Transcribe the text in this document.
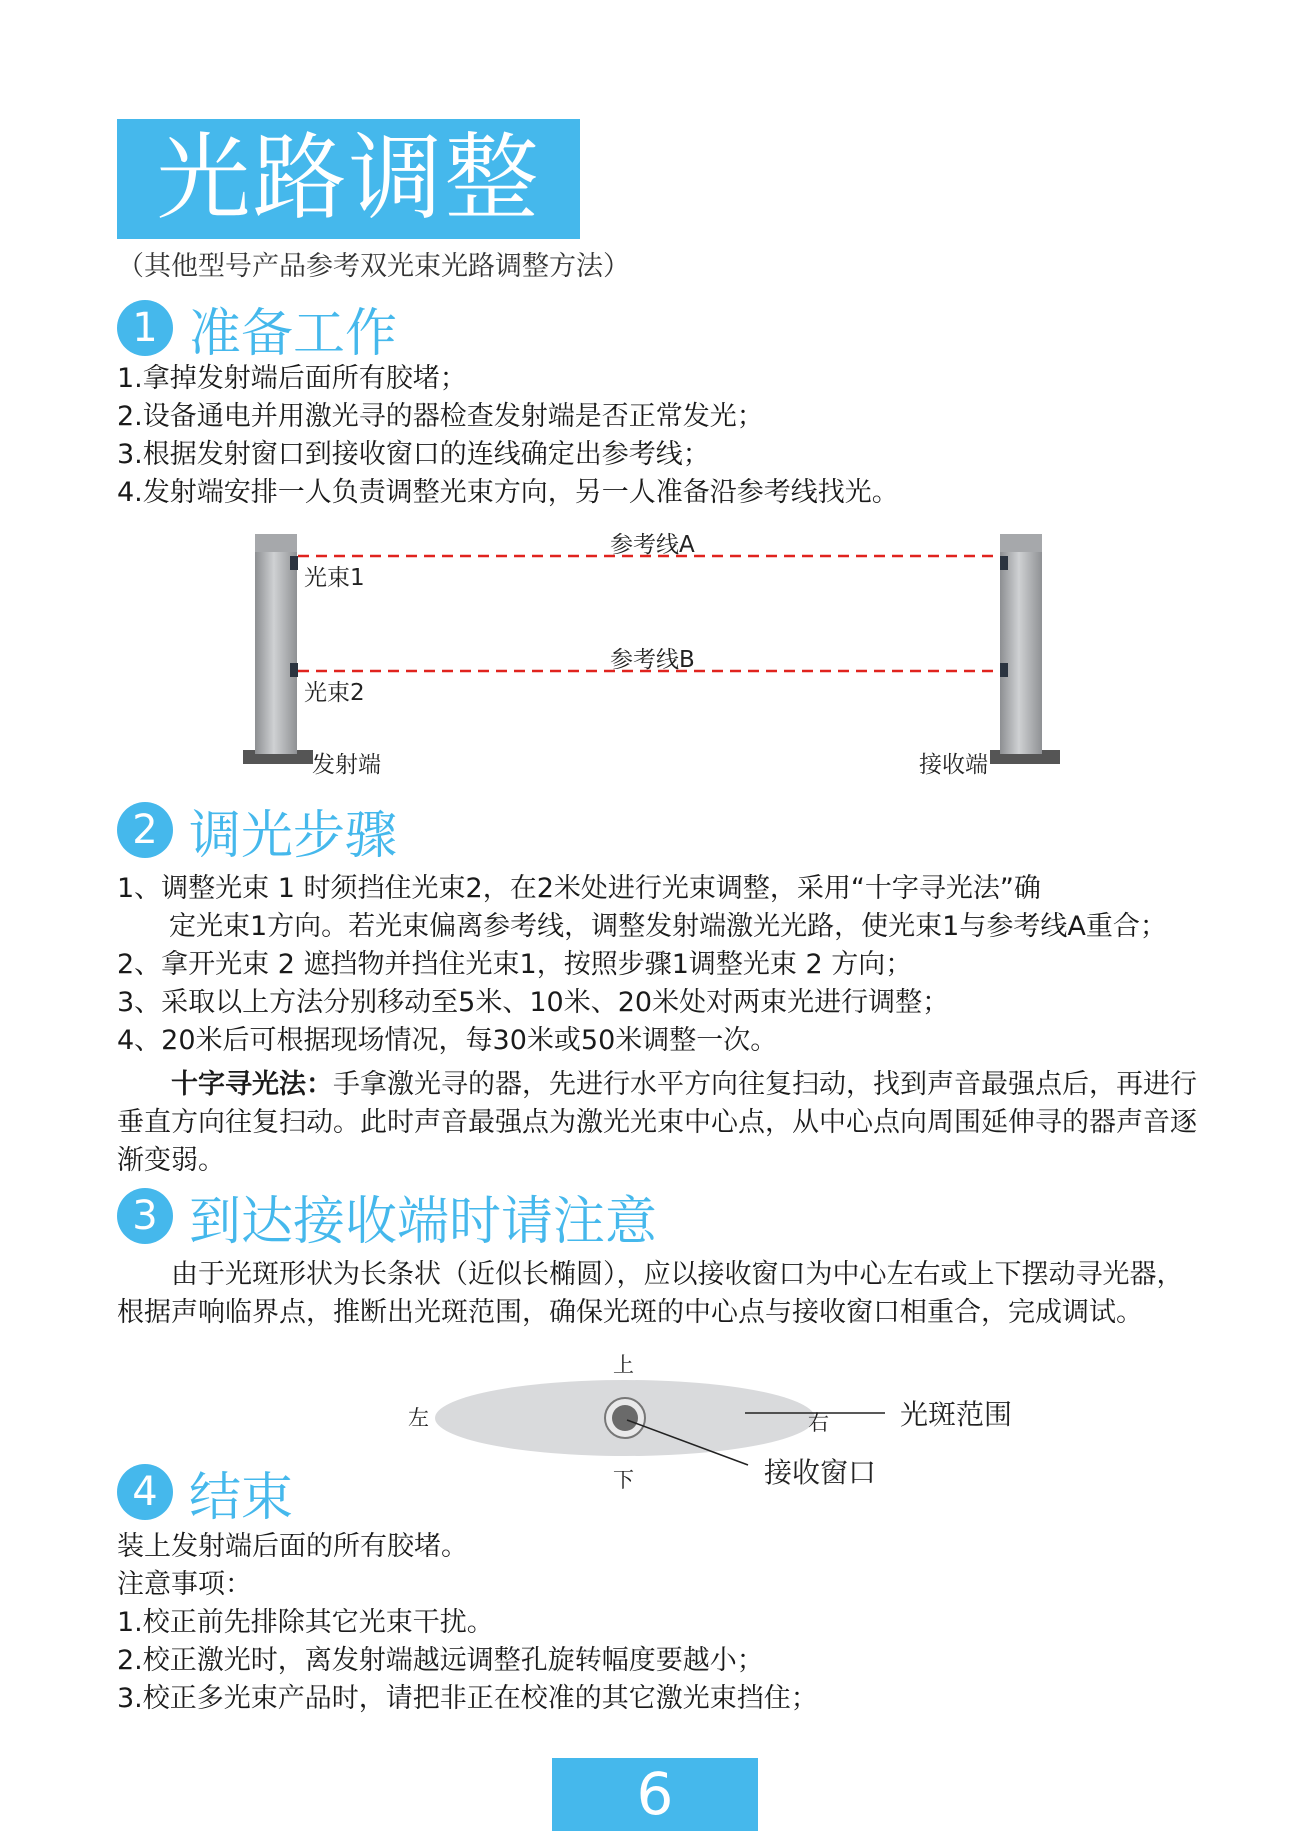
光路调整
（其他型号产品参考双光束光路调整方法）
1 准备工作
1.拿掉发射端后面所有胶堵；
2.设备通电并用激光寻的器检查发射端是否正常发光；
3.根据发射窗口到接收窗口的连线确定出参考线；
4.发射端安排一人负责调整光束方向，另一人准备沿参考线找光。
参考线A
参考线B
光束1
光束2
发射端	接收端
2 调光步骤
1、调整光束 1 时须挡住光束2，在2米处进行光束调整，采用“十字寻光法”确
定光束1方向。若光束偏离参考线，调整发射端激光光路，使光束1与参考线A重合；
2、拿开光束 2 遮挡物并挡住光束1，按照步骤1调整光束 2 方向；
3、采取以上方法分别移动至5米、10米、20米处对两束光进行调整；
4、20米后可根据现场情况，每30米或50米调整一次。
十字寻光法：手拿激光寻的器，先进行水平方向往复扫动，找到声音最强点后，再进行垂直方向往复扫动。此时声音最强点为激光光束中心点，从中心点向周围延伸寻的器声音逐渐变弱。
3 到达接收端时请注意
由于光斑形状为长条状（近似长椭圆），应以接收窗口为中心左右或上下摆动寻光器，根据声响临界点，推断出光斑范围，确保光斑的中心点与接收窗口相重合，完成调试。
上
下
左	右	光斑范围
接收窗口
4 结束
装上发射端后面的所有胶堵。
注意事项：
1.校正前先排除其它光束干扰。
2.校正激光时，离发射端越远调整孔旋转幅度要越小；
3.校正多光束产品时，请把非正在校准的其它激光束挡住；
6
